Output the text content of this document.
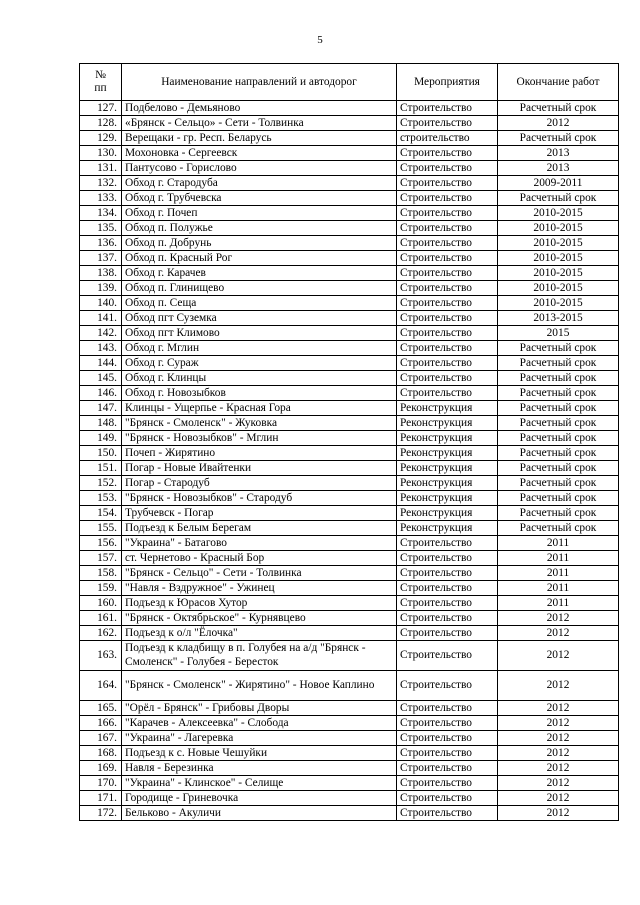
5
№
пп	Наименование направлений и автодорог	Мероприятия	Окончание работ
127.	Подбелово - Демьяново	Строительство	Расчетный срок
128.	«Брянск - Сельцо» - Сети - Толвинка	Строительство	2012
129.	Верещаки - гр. Респ. Беларусь	строительство	Расчетный срок
130.	Мохоновка - Сергеевск	Строительство	2013
131.	Пантусово - Горислово	Строительство	2013
132.	Обход г. Стародуба	Строительство	2009-2011
133.	Обход г. Трубчевска	Строительство	Расчетный срок
134.	Обход г. Почеп	Строительство	2010-2015
135.	Обход п. Полужье	Строительство	2010-2015
136.	Обход п. Добрунь	Строительство	2010-2015
137.	Обход п. Красный Рог	Строительство	2010-2015
138.	Обход г. Карачев	Строительство	2010-2015
139.	Обход п. Глинищево	Строительство	2010-2015
140.	Обход п. Сеща	Строительство	2010-2015
141.	Обход пгт Суземка	Строительство	2013-2015
142.	Обход пгт Климово	Строительство	2015
143.	Обход г. Мглин	Строительство	Расчетный срок
144.	Обход г. Сураж	Строительство	Расчетный срок
145.	Обход г. Клинцы	Строительство	Расчетный срок
146.	Обход г. Новозыбков	Строительство	Расчетный срок
147.	Клинцы - Ущерпье - Красная Гора	Реконструкция	Расчетный срок
148.	"Брянск - Смоленск" - Жуковка	Реконструкция	Расчетный срок
149.	"Брянск - Новозыбков" - Мглин	Реконструкция	Расчетный срок
150.	Почеп - Жирятино	Реконструкция	Расчетный срок
151.	Погар - Новые Ивайтенки	Реконструкция	Расчетный срок
152.	Погар - Стародуб	Реконструкция	Расчетный срок
153.	"Брянск - Новозыбков" - Стародуб	Реконструкция	Расчетный срок
154.	Трубчевск - Погар	Реконструкция	Расчетный срок
155.	Подъезд к Белым Берегам	Реконструкция	Расчетный срок
156.	"Украина" - Батагово	Строительство	2011
157.	ст. Чернетово - Красный Бор	Строительство	2011
158.	"Брянск - Сельцо" - Сети - Толвинка	Строительство	2011
159.	"Навля - Вздружное" - Ужинец	Строительство	2011
160.	Подъезд к Юрасов Хутор	Строительство	2011
161.	"Брянск - Октябрьское" - Курнявцево	Строительство	2012
162.	Подъезд к о/л "Ёлочка"	Строительство	2012
163.	Подъезд к кладбищу в п. Голубея на а/д "Брянск - Смоленск" - Голубея - Бересток	Строительство	2012
164.	"Брянск - Смоленск" - Жирятино" - Новое Каплино	Строительство	2012
165.	"Орёл - Брянск" - Грибовы Дворы	Строительство	2012
166.	"Карачев - Алексеевка" - Слобода	Строительство	2012
167.	"Украина" - Лагеревка	Строительство	2012
168.	Подъезд к с. Новые Чешуйки	Строительство	2012
169.	Навля - Березинка	Строительство	2012
170.	"Украина" - Клинское" - Селище	Строительство	2012
171.	Городище - Гриневочка	Строительство	2012
172.	Бельково - Акуличи	Строительство	2012
